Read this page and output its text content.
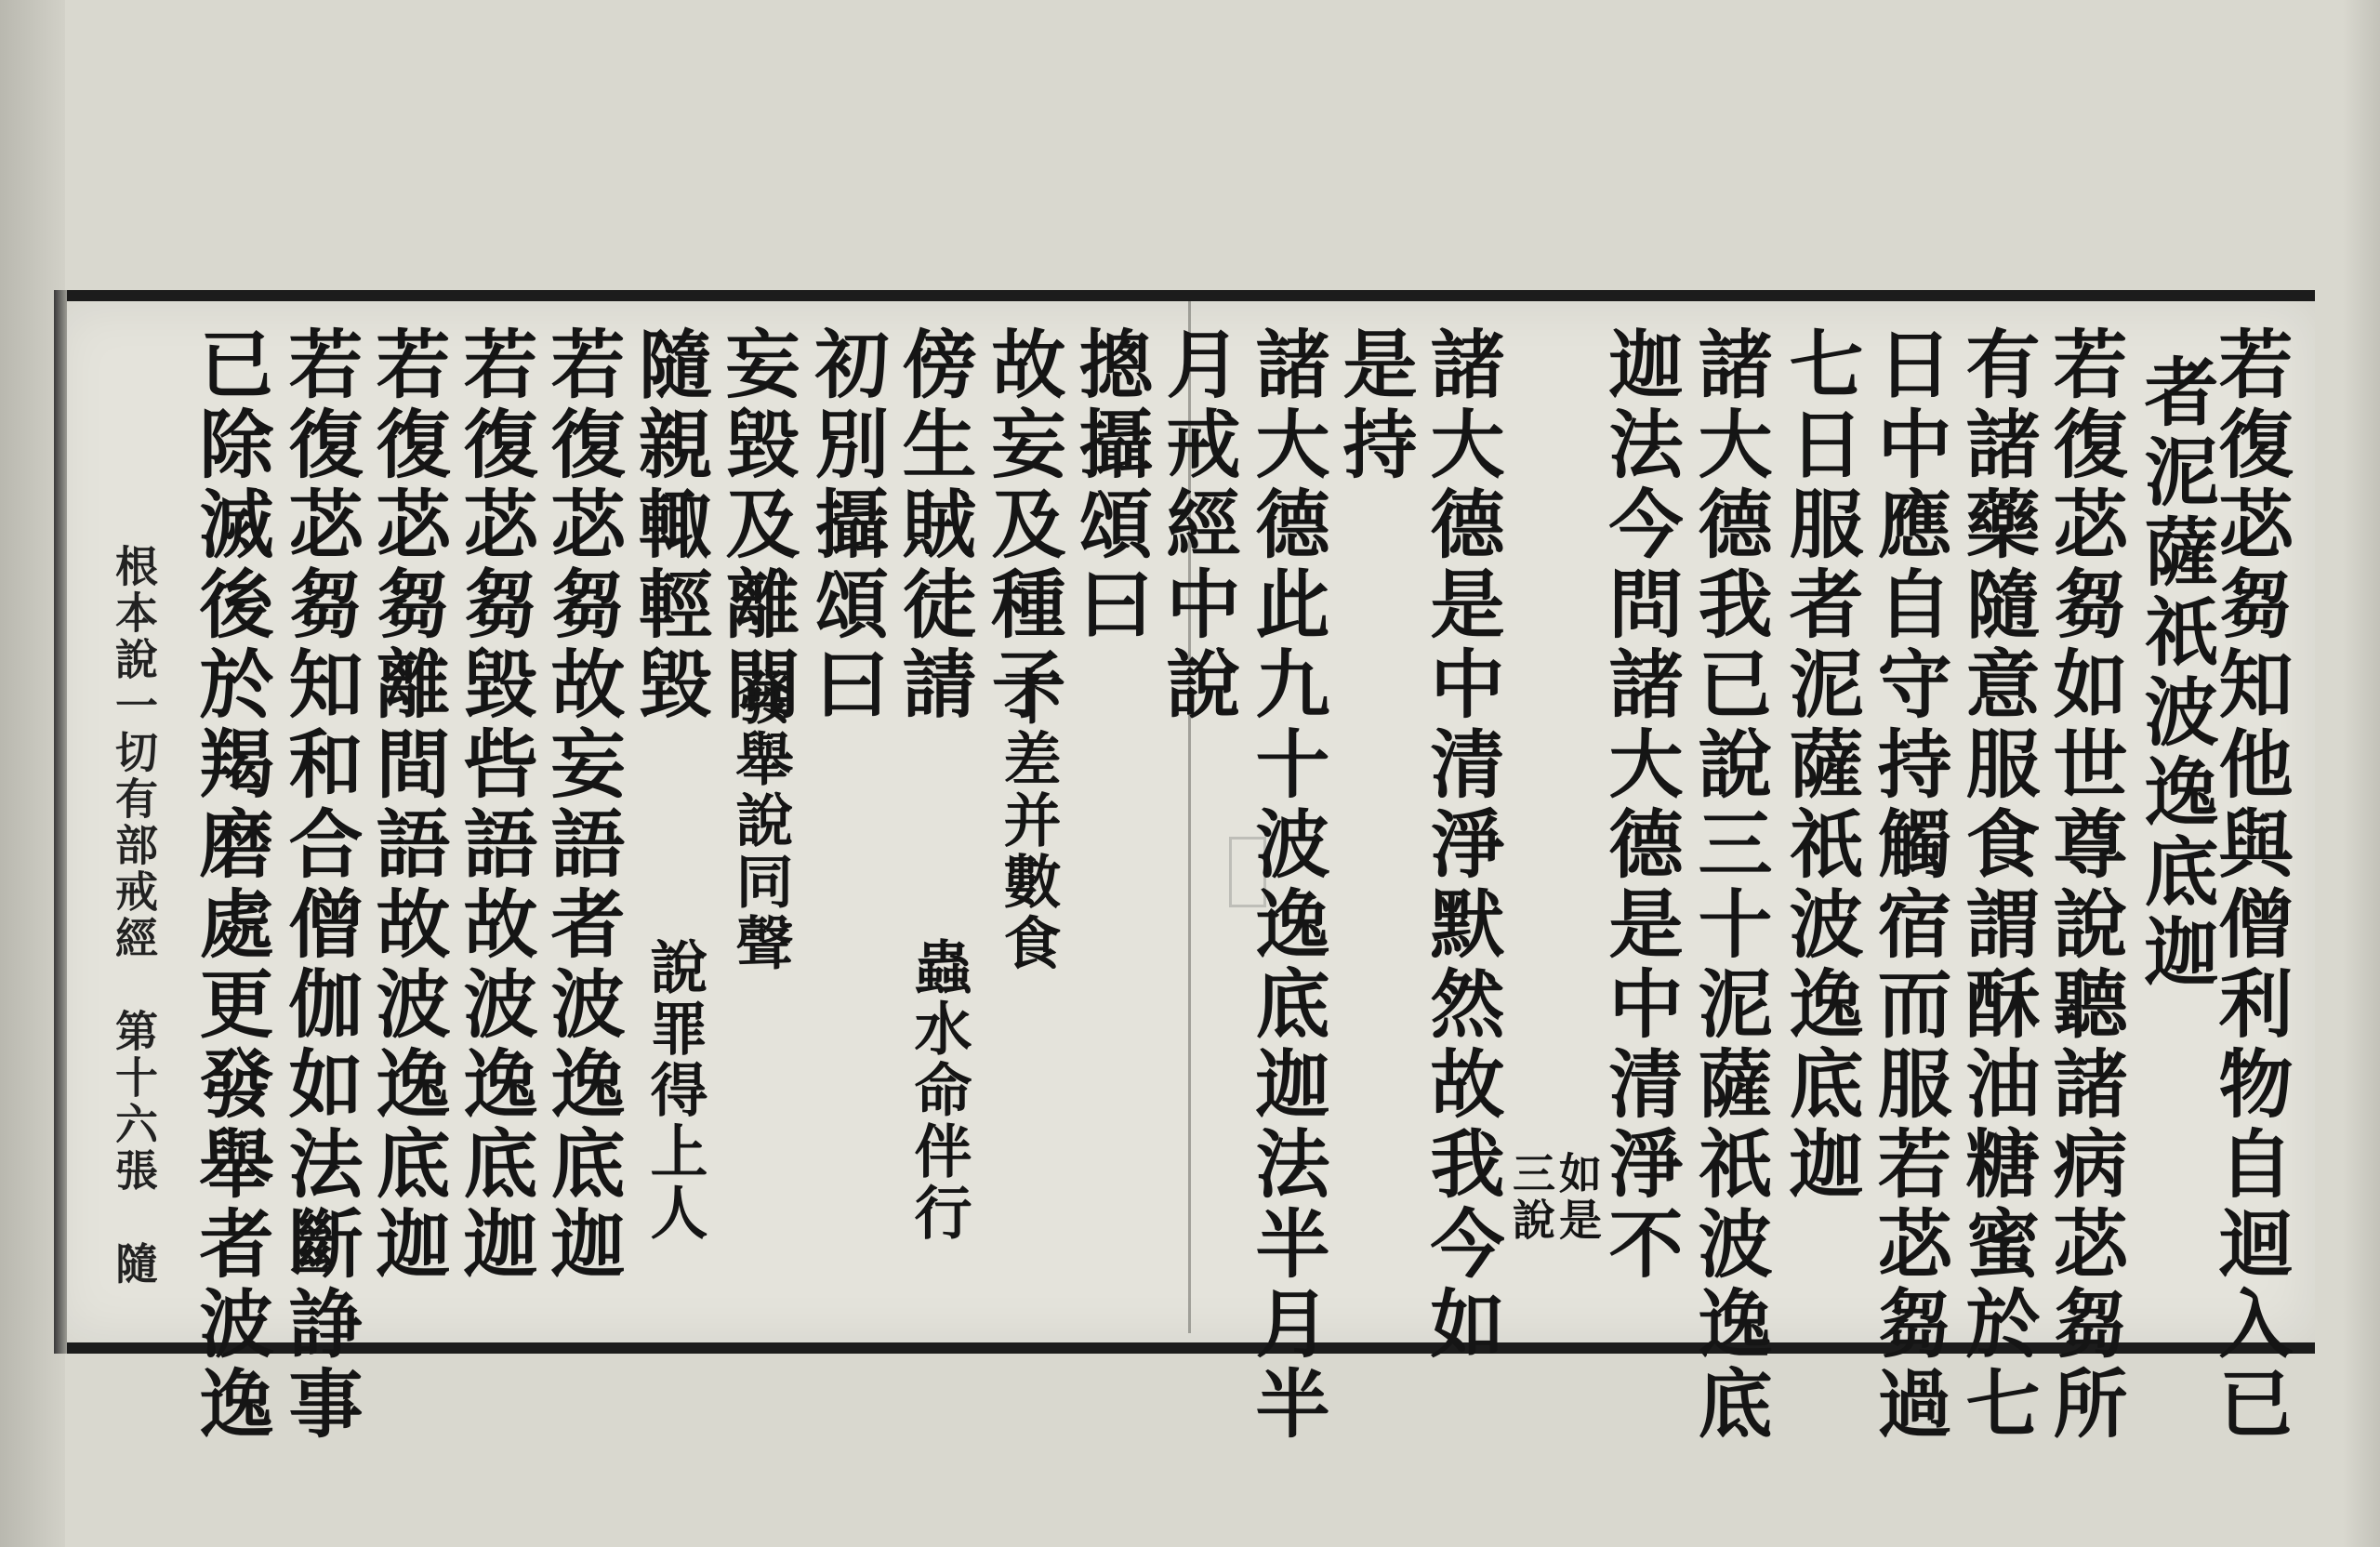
若復苾芻知他與僧利物自迴入已
者泥薩祇波逸底迦
若復苾芻如世尊說聽諸病苾芻所
有諸藥隨意服食謂酥油糖蜜於七
日中應自守持觸宿而服若苾芻過
七日服者泥薩祇波逸底迦
諸大德我已說三十泥薩祇波逸底
迦法今問諸大德是中清淨不
如是
三說
諸大德是中清淨默然故我今如
是持
諸大德此九十波逸底迦法半月半
月戒經中說
摠攝頌曰
故妄及種子
不差并數食
傍生賊徒請
蟲水命伴行
初別攝頌曰
妄毀及離間
發舉說同聲
隨親輙輕毀
說罪得上人
若復苾芻故妄語者波逸底迦
若復苾芻毀呰語故波逸底迦
若復苾芻離間語故波逸底迦
若復苾芻知和合僧伽如法斷諍事
已除滅後於羯磨處更發舉者波逸
根本說一切有部戒經　第十六張　隨
